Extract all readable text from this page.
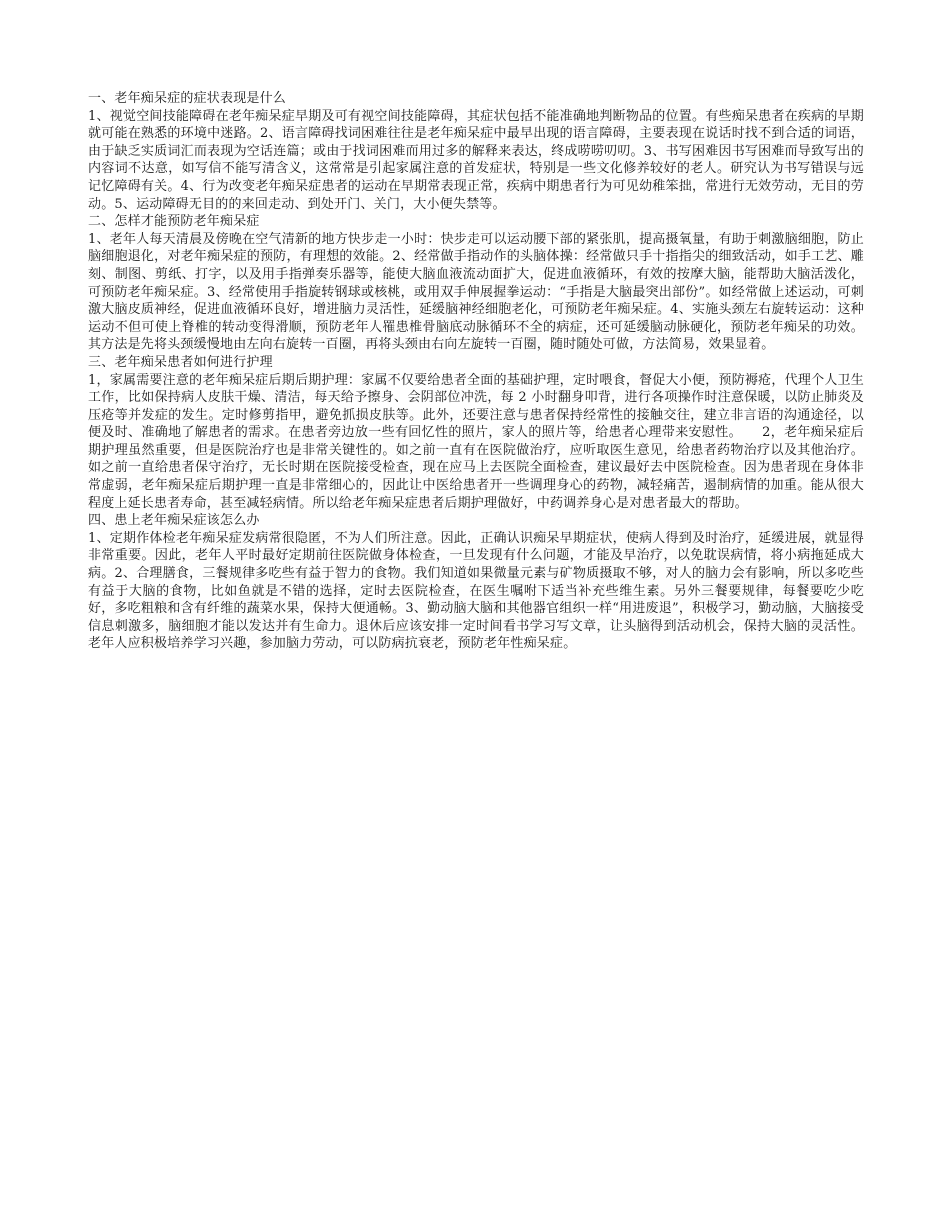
一、老年痴呆症的症状表现是什么

1、视觉空间技能障碍在老年痴呆症早期及可有视空间技能障碍，其症状包括不能准确地判断物品的位置。有些痴呆患者在疾病的早期就可能在熟悉的环境中迷路。2、语言障碍找词困难往往是老年痴呆症中最早出现的语言障碍，主要表现在说话时找不到合适的词语，由于缺乏实质词汇而表现为空话连篇；或由于找词困难而用过多的解释来表达，终成唠唠叨叨。3、书写困难因书写困难而导致写出的内容词不达意，如写信不能写清含义，这常常是引起家属注意的首发症状，特别是一些文化修养较好的老人。研究认为书写错误与远记忆障碍有关。4、行为改变老年痴呆症患者的运动在早期常表现正常，疾病中期患者行为可见幼稚笨拙，常进行无效劳动，无目的劳动。5、运动障碍无目的的来回走动、到处开门、关门，大小便失禁等。

二、怎样才能预防老年痴呆症

1、老年人每天清晨及傍晚在空气清新的地方快步走一小时：快步走可以运动腰下部的紧张肌，提高摄氧量，有助于刺激脑细胞，防止脑细胞退化，对老年痴呆症的预防，有理想的效能。2、经常做手指动作的头脑体操：经常做只手十指指尖的细致活动，如手工艺、雕刻、制图、剪纸、打字，以及用手指弹奏乐器等，能使大脑血液流动面扩大，促进血液循环，有效的按摩大脑，能帮助大脑活泼化，可预防老年痴呆症。3、经常使用手指旋转钢球或核桃，或用双手伸展握拳运动：“手指是大脑最突出部份”。如经常做上述运动，可刺激大脑皮质神经，促进血液循环良好，增进脑力灵活性，延缓脑神经细胞老化，可预防老年痴呆症。4、实施头颈左右旋转运动：这种运动不但可使上脊椎的转动变得滑顺，预防老年人罹患椎骨脑底动脉循环不全的病症，还可延缓脑动脉硬化，预防老年痴呆的功效。其方法是先将头颈缓慢地由左向右旋转一百圈，再将头颈由右向左旋转一百圈，随时随处可做，方法简易，效果显着。

三、老年痴呆患者如何进行护理

1，家属需要注意的老年痴呆症后期后期护理：家属不仅要给患者全面的基础护理，定时喂食，督促大小便，预防褥疮，代理个人卫生工作，比如保持病人皮肤干燥、清洁，每天给予擦身、会阴部位冲洗，每 2 小时翻身叩背，进行各项操作时注意保暖，以防止肺炎及压疮等并发症的发生。定时修剪指甲，避免抓损皮肤等。此外，还要注意与患者保持经常性的接触交往，建立非言语的沟通途径，以便及时、准确地了解患者的需求。在患者旁边放一些有回忆性的照片，家人的照片等，给患者心理带来安慰性。　　2，老年痴呆症后期护理虽然重要，但是医院治疗也是非常关键性的。如之前一直有在医院做治疗，应听取医生意见，给患者药物治疗以及其他治疗。如之前一直给患者保守治疗，无长时期在医院接受检查，现在应马上去医院全面检查，建议最好去中医院检查。因为患者现在身体非常虚弱，老年痴呆症后期护理一直是非常细心的，因此让中医给患者开一些调理身心的药物，减轻痛苦，遏制病情的加重。能从很大程度上延长患者寿命，甚至减轻病情。所以给老年痴呆症患者后期护理做好，中药调养身心是对患者最大的帮助。

四、患上老年痴呆症该怎么办

1、定期作体检老年痴呆症发病常很隐匿，不为人们所注意。因此，正确认识痴呆早期症状，使病人得到及时治疗，延缓进展，就显得非常重要。因此，老年人平时最好定期前往医院做身体检查，一旦发现有什么问题，才能及早治疗，以免耽误病情，将小病拖延成大病。2、合理膳食，三餐规律多吃些有益于智力的食物。我们知道如果微量元素与矿物质摄取不够，对人的脑力会有影响，所以多吃些有益于大脑的食物，比如鱼就是不错的选择，定时去医院检查，在医生嘱咐下适当补充些维生素。另外三餐要规律，每餐要吃少吃好，多吃粗粮和含有纤维的蔬菜水果，保持大便通畅。3、勤动脑大脑和其他器官组织一样“用进废退”，积极学习，勤动脑，大脑接受信息刺激多，脑细胞才能以发达并有生命力。退休后应该安排一定时间看书学习写文章，让头脑得到活动机会，保持大脑的灵活性。老年人应积极培养学习兴趣，参加脑力劳动，可以防病抗衰老，预防老年性痴呆症。
